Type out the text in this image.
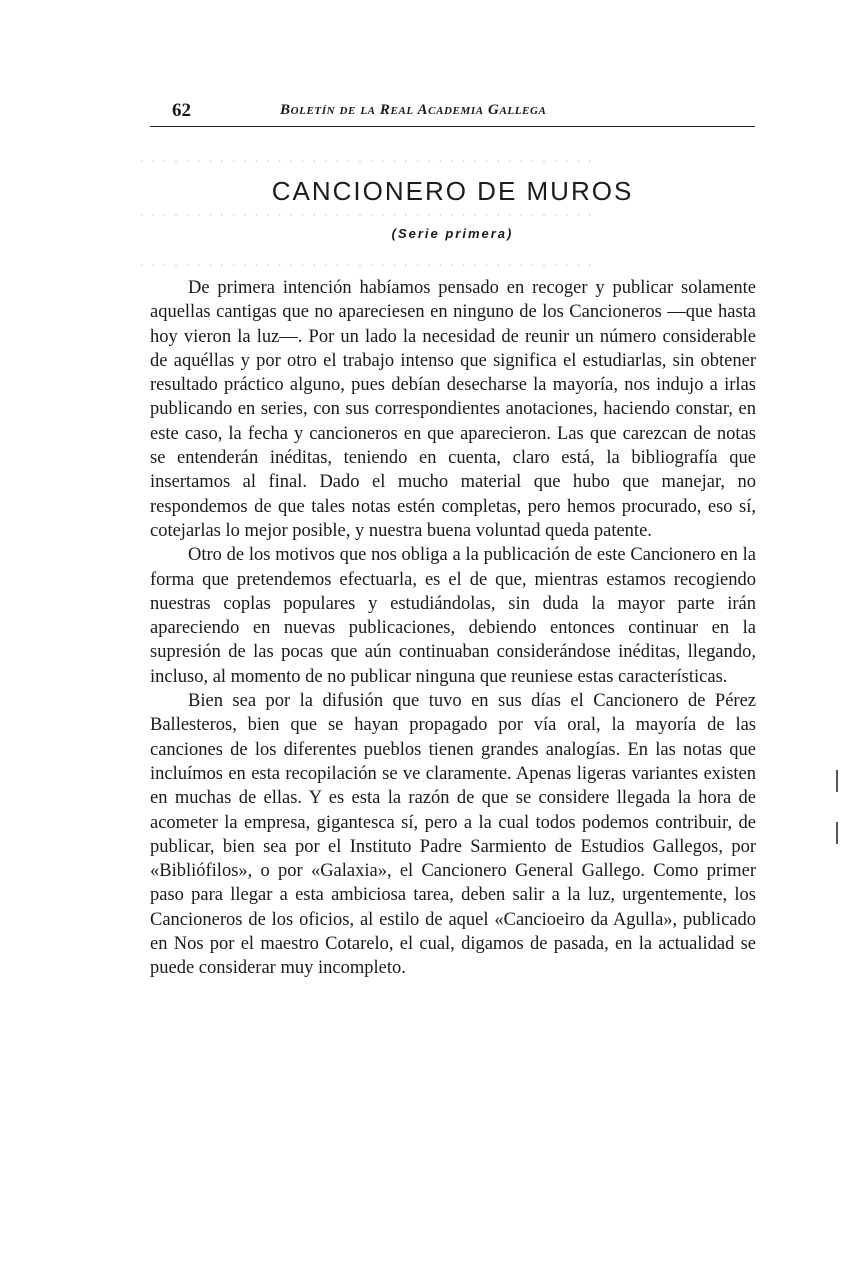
62	Boletín de la Real Academia Gallega
. . . . . . . . . . . . . . . . . . . . . . . . . . . . . . . . . . . . . . . .
. . . . . . . . . . . . . . . . . . . . . . . . . . . . . . . . . . . . . . . .
. . . . . . . . . . . . . . . . . . . . . . . . . . . . . . . . . . . . . . . .
CANCIONERO DE MUROS
(Serie primera)

De primera intención habíamos pensado en recoger y publicar solamente aquellas cantigas que no apareciesen en ninguno de los Cancioneros —que hasta hoy vieron la luz—. Por un lado la necesidad de reunir un número considerable de aquéllas y por otro el trabajo intenso que significa el estudiarlas, sin obtener resultado práctico alguno, pues debían desecharse la mayoría, nos indujo a irlas publicando en series, con sus correspondientes anotaciones, haciendo constar, en este caso, la fecha y cancioneros en que aparecieron. Las que carezcan de notas se entenderán inéditas, teniendo en cuenta, claro está, la bibliografía que insertamos al final. Dado el mucho material que hubo que manejar, no respondemos de que tales notas estén completas, pero hemos procurado, eso sí, cotejarlas lo mejor posible, y nuestra buena voluntad queda patente.

Otro de los motivos que nos obliga a la publicación de este Cancionero en la forma que pretendemos efectuarla, es el de que, mientras estamos recogiendo nuestras coplas populares y estudiándolas, sin duda la mayor parte irán apareciendo en nuevas publicaciones, debiendo entonces continuar en la supresión de las pocas que aún continuaban considerándose inéditas, llegando, incluso, al momento de no publicar ninguna que reuniese estas características.

Bien sea por la difusión que tuvo en sus días el Cancionero de Pérez Ballesteros, bien que se hayan propagado por vía oral, la mayoría de las canciones de los diferentes pueblos tienen grandes analogías. En las notas que incluímos en esta recopilación se ve claramente. Apenas ligeras variantes existen en muchas de ellas. Y es esta la razón de que se considere llegada la hora de acometer la empresa, gigantesca sí, pero a la cual todos podemos contribuir, de publicar, bien sea por el Instituto Padre Sarmiento de Estudios Gallegos, por «Bibliófilos», o por «Galaxia», el Cancionero General Gallego. Como primer paso para llegar a esta ambiciosa tarea, deben salir a la luz, urgentemente, los Cancioneros de los oficios, al estilo de aquel «Cancioeiro da Agulla», publicado en Nos por el maestro Cotarelo, el cual, digamos de pasada, en la actualidad se puede considerar muy incompleto.
